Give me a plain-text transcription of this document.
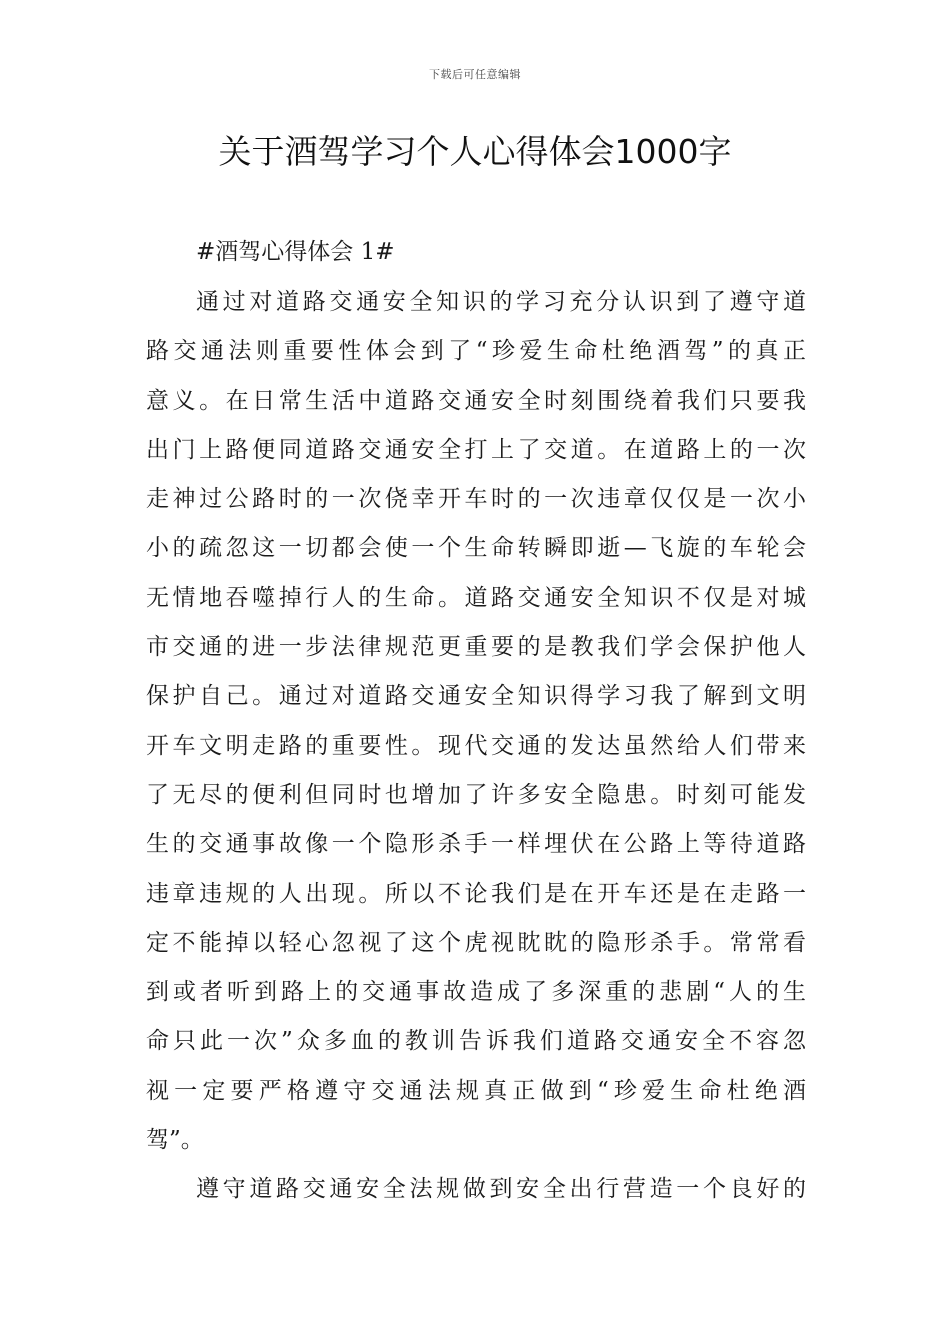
下载后可任意编辑
关于酒驾学习个人心得体会1000字

#酒驾心得体会 1#

通过对道路交通安全知识的学习充分认识到了遵守道
路交通法则重要性体会到了“珍爱生命杜绝酒驾”的真正
意义。在日常生活中道路交通安全时刻围绕着我们只要我
出门上路便同道路交通安全打上了交道。在道路上的一次
走神过公路时的一次侥幸开车时的一次违章仅仅是一次小
小的疏忽这一切都会使一个生命转瞬即逝—飞旋的车轮会
无情地吞噬掉行人的生命。道路交通安全知识不仅是对城
市交通的进一步法律规范更重要的是教我们学会保护他人
保护自己。通过对道路交通安全知识得学习我了解到文明
开车文明走路的重要性。现代交通的发达虽然给人们带来
了无尽的便利但同时也增加了许多安全隐患。时刻可能发
生的交通事故像一个隐形杀手一样埋伏在公路上等待道路
违章违规的人出现。所以不论我们是在开车还是在走路一
定不能掉以轻心忽视了这个虎视眈眈的隐形杀手。常常看
到或者听到路上的交通事故造成了多深重的悲剧“人的生
命只此一次”众多血的教训告诉我们道路交通安全不容忽
视一定要严格遵守交通法规真正做到“珍爱生命杜绝酒
驾”。
遵守道路交通安全法规做到安全出行营造一个良好的
